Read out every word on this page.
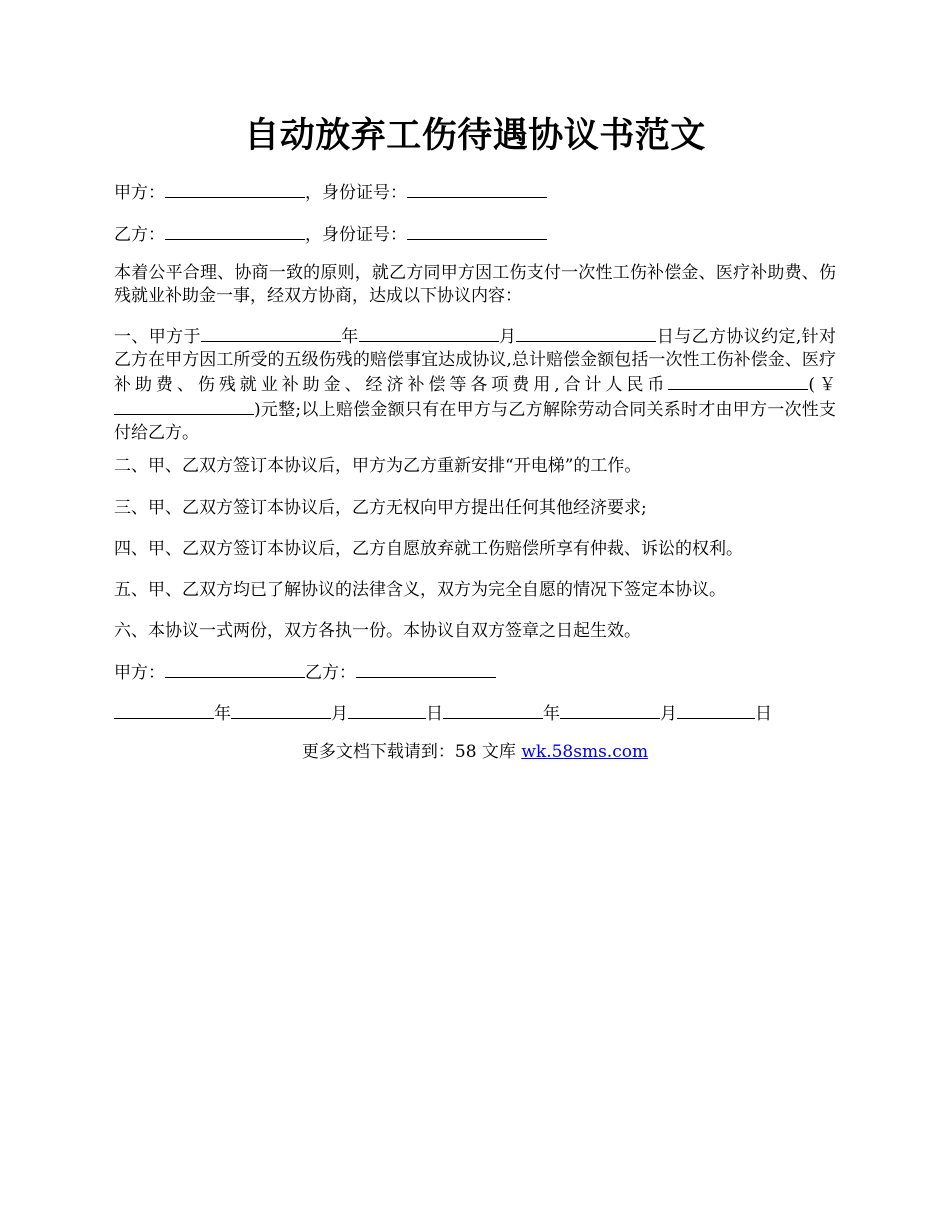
自动放弃工伤待遇协议书范文

甲方：	，身份证号：

乙方：	，身份证号：

本着公平合理、协商一致的原则，就乙方同甲方因工伤支付一次性工伤补偿金、医疗补助费、伤残就业补助金一事，经双方协商，达成以下协议内容：

一、甲方于	年	月	日与乙方协议约定,针对乙方在甲方因工所受的五级伤残的赔偿事宜达成协议,总计赔偿金额包括一次性工伤补偿金、医疗补助费、伤残就业补助金、经济补偿等各项费用,合计人民币	(￥)元整;以上赔偿金额只有在甲方与乙方解除劳动合同关系时才由甲方一次性支付给乙方。

二、甲、乙双方签订本协议后，甲方为乙方重新安排“开电梯”的工作。

三、甲、乙双方签订本协议后，乙方无权向甲方提出任何其他经济要求;

四、甲、乙双方签订本协议后，乙方自愿放弃就工伤赔偿所享有仲裁、诉讼的权利。

五、甲、乙双方均已了解协议的法律含义，双方为完全自愿的情况下签定本协议。

六、本协议一式两份，双方各执一份。本协议自双方签章之日起生效。

甲方：	乙方：

年	月	日	年	月	日

更多文档下载请到：58 文库 wk.58sms.com
